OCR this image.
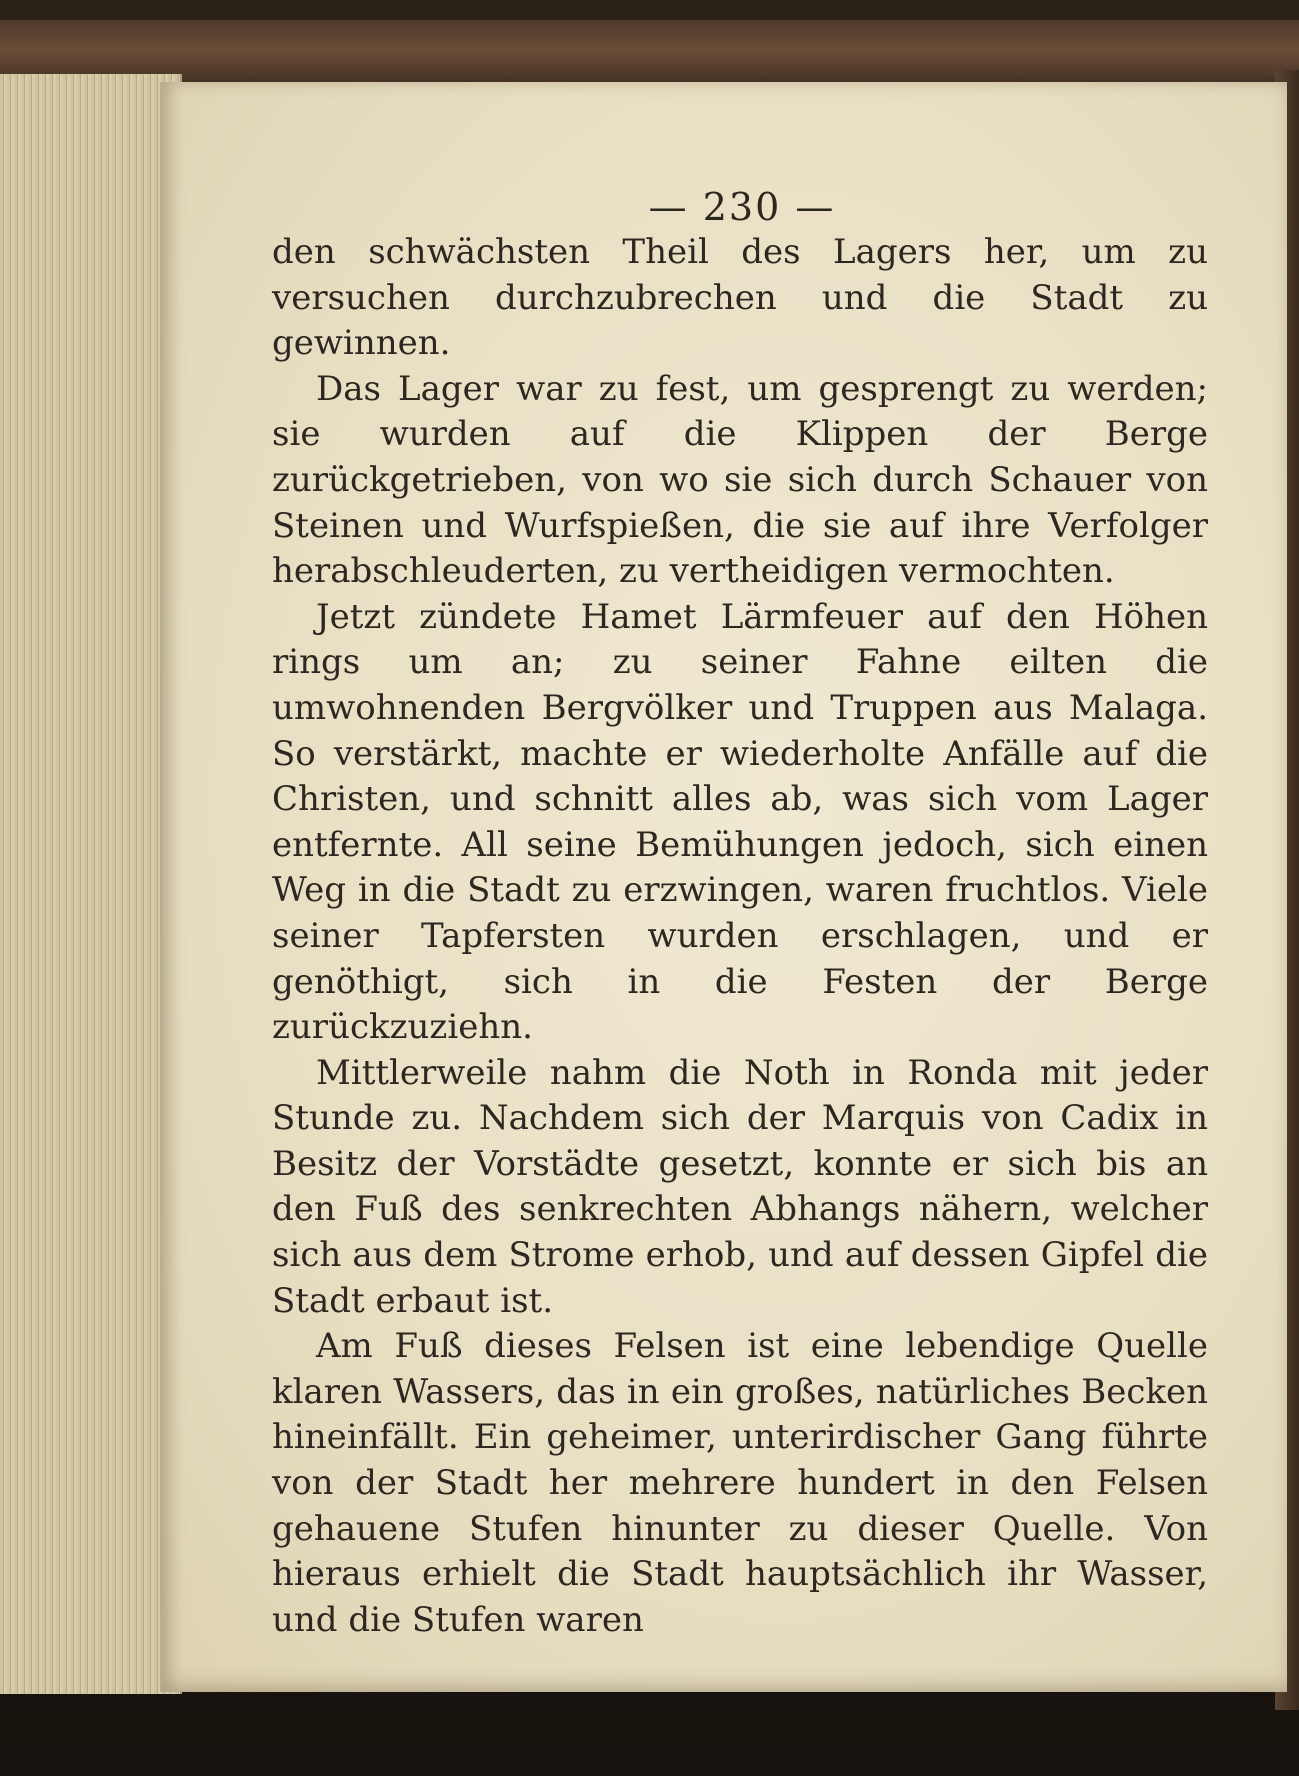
— 230 —

den schwächsten Theil des Lagers her, um zu versuchen durchzubrechen und die Stadt zu gewinnen.

Das Lager war zu fest, um gesprengt zu werden; sie wurden auf die Klippen der Berge zurückgetrieben, von wo sie sich durch Schauer von Steinen und Wurfspießen, die sie auf ihre Verfolger herabschleuderten, zu vertheidigen vermochten.

Jetzt zündete Hamet Lärmfeuer auf den Höhen rings um an; zu seiner Fahne eilten die umwohnenden Bergvölker und Truppen aus Malaga. So verstärkt, machte er wiederholte Anfälle auf die Christen, und schnitt alles ab, was sich vom Lager entfernte. All seine Bemühungen jedoch, sich einen Weg in die Stadt zu erzwingen, waren fruchtlos. Viele seiner Tapfersten wurden erschlagen, und er genöthigt, sich in die Festen der Berge zurückzuziehn.

Mittlerweile nahm die Noth in Ronda mit jeder Stunde zu. Nachdem sich der Marquis von Cadix in Besitz der Vorstädte gesetzt, konnte er sich bis an den Fuß des senkrechten Abhangs nähern, welcher sich aus dem Strome erhob, und auf dessen Gipfel die Stadt erbaut ist.

Am Fuß dieses Felsen ist eine lebendige Quelle klaren Wassers, das in ein großes, natürliches Becken hineinfällt. Ein geheimer, unterirdischer Gang führte von der Stadt her mehrere hundert in den Felsen gehauene Stufen hinunter zu dieser Quelle. Von hieraus erhielt die Stadt hauptsächlich ihr Wasser, und die Stufen waren
